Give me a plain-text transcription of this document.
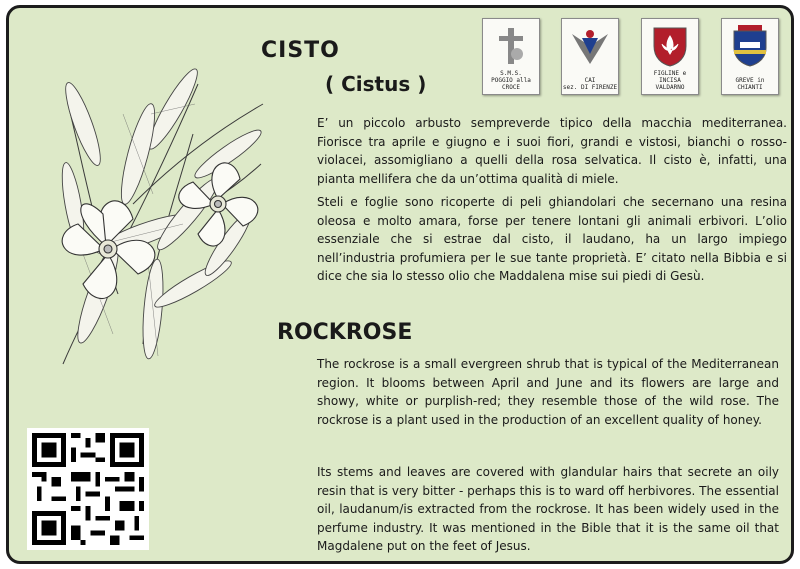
CISTO
( Cistus )	S.M.S.
POGGIO alla CROCE
CAI
sez. DI FIRENZE
FIGLINE e INCISA
VALDARNO
GREVE in CHIANTI

E’ un piccolo arbusto sempreverde tipico della macchia mediterranea. Fiorisce tra aprile e giugno e i suoi fiori, grandi e vistosi, bianchi o rosso-violacei, assomigliano a quelli della rosa selvatica. Il cisto è, infatti, una pianta mellifera che da un’ottima qualità di miele.

Steli e foglie sono ricoperte di peli ghiandolari che secernano una resina oleosa e molto amara, forse per tenere lontani gli animali erbivori. L’olio essenziale che si estrae dal cisto, il laudano, ha un largo impiego nell’industria profumiera per le sue tante proprietà. E’ citato nella Bibbia e si dice che sia lo stesso olio che Maddalena mise sui piedi di Gesù.

ROCKROSE

The rockrose is a small evergreen shrub that is typical of the Mediterranean region. It blooms between April and June and its flowers are large and showy, white or purplish-red; they resemble those of the wild rose. The rockrose is a plant used in the production of an excellent quality of honey.

Its stems and leaves are covered with glandular hairs that secrete an oily resin that is very bitter - perhaps this is to ward off herbivores. The essential oil, laudanum/is extracted from the rockrose. It has been widely used in the perfume industry. It was mentioned in the Bible that it is the same oil that Magdalene put on the feet of Jesus.
